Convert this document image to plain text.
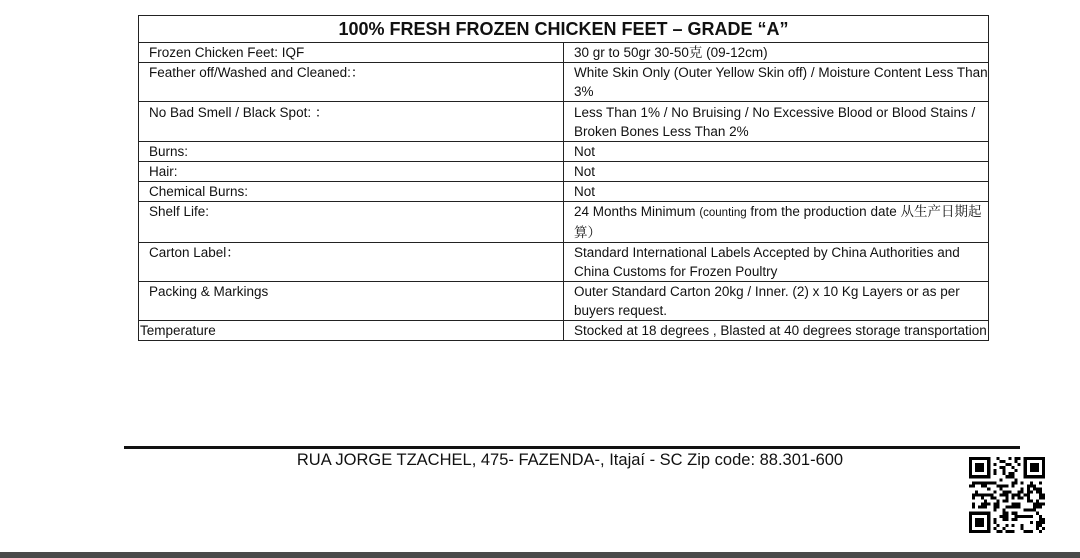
100% FRESH FROZEN CHICKEN FEET – GRADE “A”	
Frozen Chicken Feet: IQF	30 gr to 50gr 30-50克 (09-12cm)
Feather off/Washed and Cleaned:：	White Skin Only (Outer Yellow Skin off) / Moisture Content Less Than 3%
No Bad Smell / Black Spot: ：	Less Than 1% / No Bruising / No Excessive Blood or Blood Stains / Broken Bones Less Than 2%
Burns:	Not
Hair:	Not
Chemical Burns:	Not
Shelf Life:	24 Months Minimum (counting from the production date 从生产日期起算）
Carton Label：	Standard International Labels Accepted by China Authorities and China Customs for Frozen Poultry
Packing & Markings	Outer Standard Carton 20kg / Inner. (2) x 10 Kg Layers or as per buyers request.
Temperature	Stocked at 18 degrees , Blasted at 40 degrees storage transportation
RUA JORGE TZACHEL, 475- FAZENDA-, Itajaí - SC Zip code: 88.301-600
